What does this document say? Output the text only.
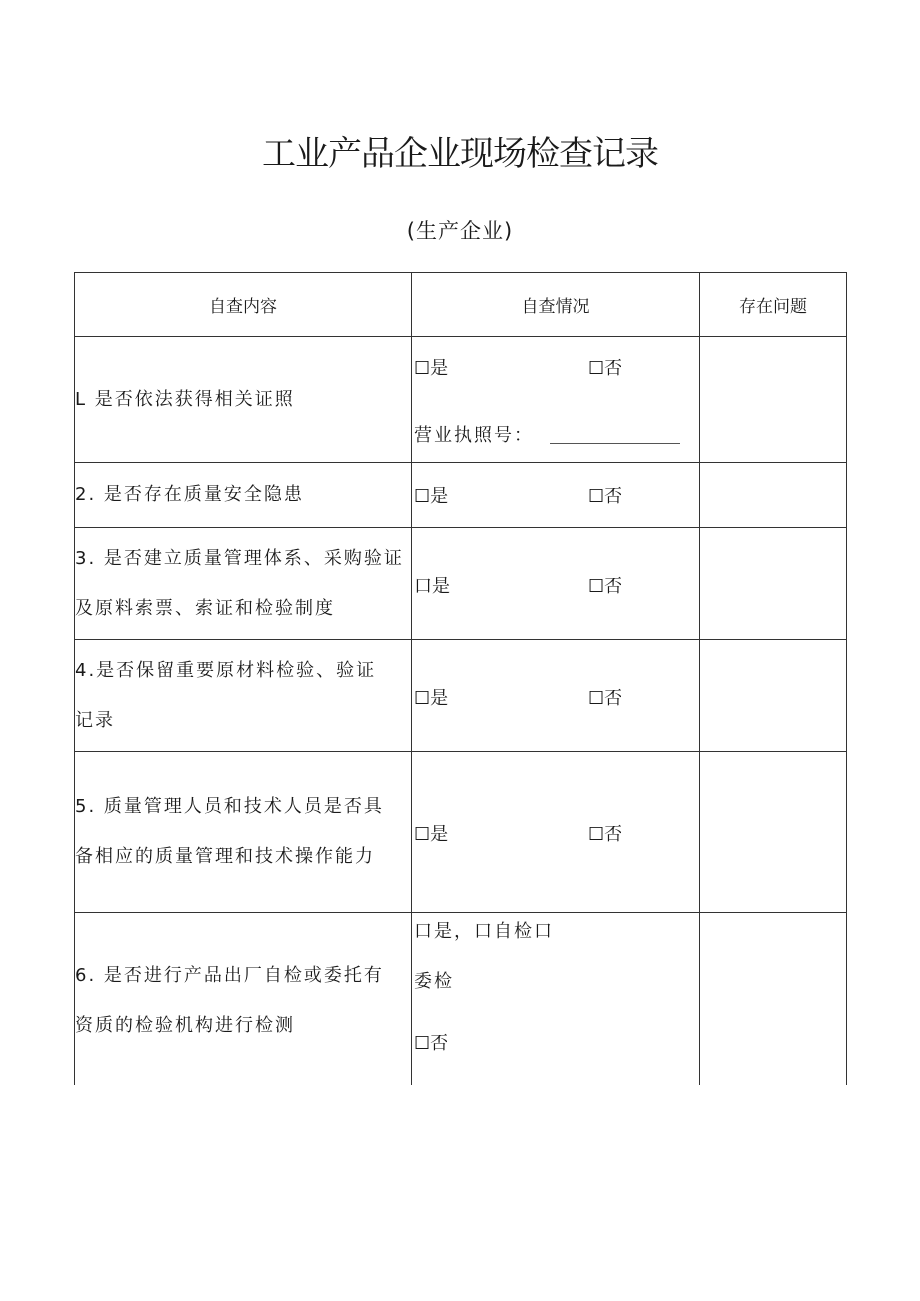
工业产品企业现场检查记录
(生产企业)
自查内容	自查情况	存在问题

L 是否依法获得相关证照	☐是 ☐否
营业执照号：	

2. 是否存在质量安全隐患	☐是 ☐否	

3. 是否建立质量管理体系、采购验证
及原料索票、索证和检验制度	口是 ☐否	

4.是否保留重要原材料检验、验证
记录	☐是 ☐否	

5. 质量管理人员和技术人员是否具
备相应的质量管理和技术操作能力	☐是 ☐否	

6. 是否进行产品出厂自检或委托有
资质的检验机构进行检测	口是，口自检口
委检
☐否	
